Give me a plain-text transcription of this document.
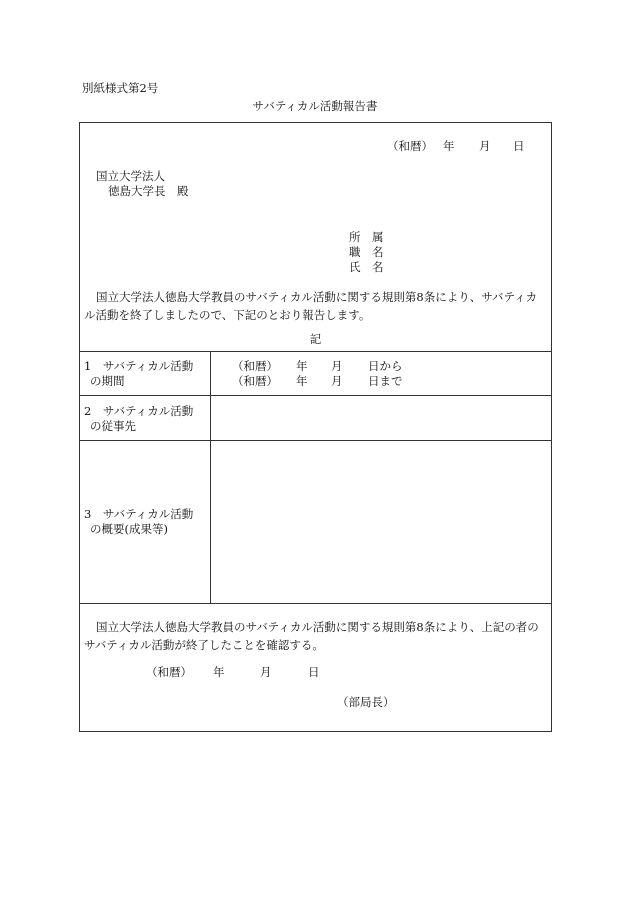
別紙様式第2号
サバティカル活動報告書
（和暦） 年 月 日
国立大学法人
徳島大学長　殿
所　属
職　名
氏　名
国立大学法人徳島大学教員のサバティカル活動に関する規則第8条により、サバティカル活動を終了しましたので、下記のとおり報告します。
記
1　サバティカル活動
の期間
（和暦） 年 月 日から
（和暦） 年 月 日まで
2　サバティカル活動
の従事先
3　サバティカル活動
の概要(成果等)
国立大学法人徳島大学教員のサバティカル活動に関する規則第8条により、上記の者のサバティカル活動が終了したことを確認する。
（和暦） 年	月	日
（部局長）
